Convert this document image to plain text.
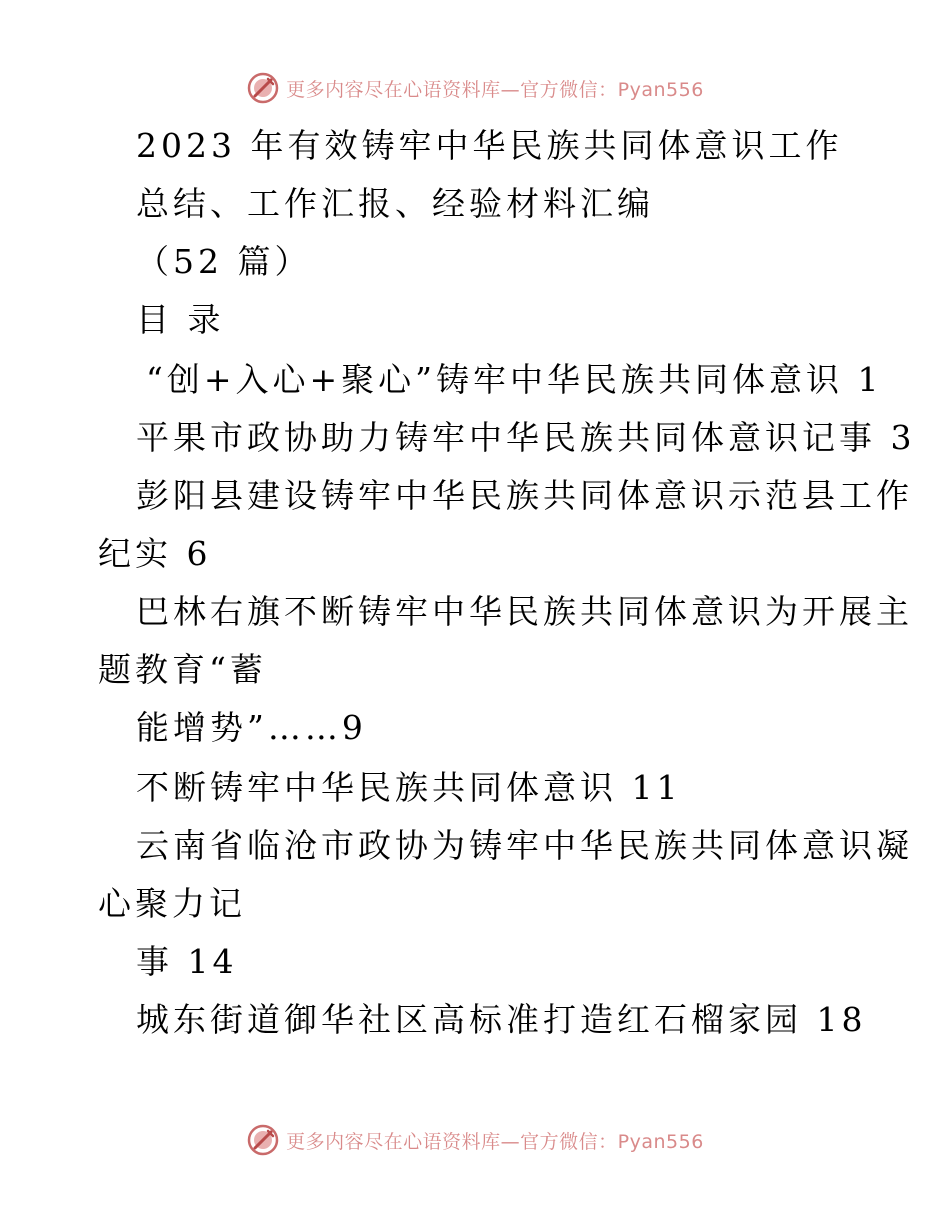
更多内容尽在心语资料库—官方微信：Pyan556
2023 年有效铸牢中华民族共同体意识工作
总结、工作汇报、经验材料汇编
（52 篇）
目 录
“创+入心+聚心”铸牢中华民族共同体意识 1
平果市政协助力铸牢中华民族共同体意识记事 3
彭阳县建设铸牢中华民族共同体意识示范县工作
纪实 6
巴林右旗不断铸牢中华民族共同体意识为开展主
题教育“蓄
能增势”……9
不断铸牢中华民族共同体意识 11
云南省临沧市政协为铸牢中华民族共同体意识凝
心聚力记
事 14
城东街道御华社区高标准打造红石榴家园 18
更多内容尽在心语资料库—官方微信：Pyan556
